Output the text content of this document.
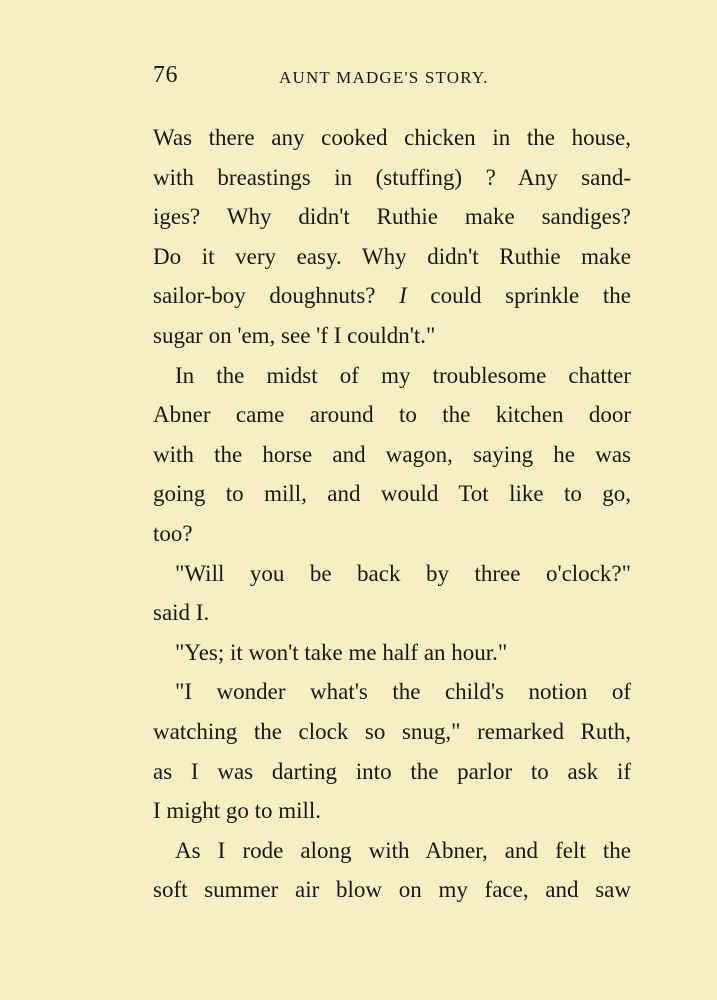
76	AUNT MADGE'S STORY.
Was there any cooked chicken in the house,
with breastings in (stuffing) ? Any sand-
iges? Why didn't Ruthie make sandiges?
Do it very easy. Why didn't Ruthie make
sailor-boy doughnuts? I could sprinkle the
sugar on 'em, see 'f I couldn't."
In the midst of my troublesome chatter
Abner came around to the kitchen door
with the horse and wagon, saying he was
going to mill, and would Tot like to go,
too?
"Will you be back by three o'clock?"
said I.
"Yes; it won't take me half an hour."
"I wonder what's the child's notion of
watching the clock so snug," remarked Ruth,
as I was darting into the parlor to ask if
I might go to mill.
As I rode along with Abner, and felt the
soft summer air blow on my face, and saw
